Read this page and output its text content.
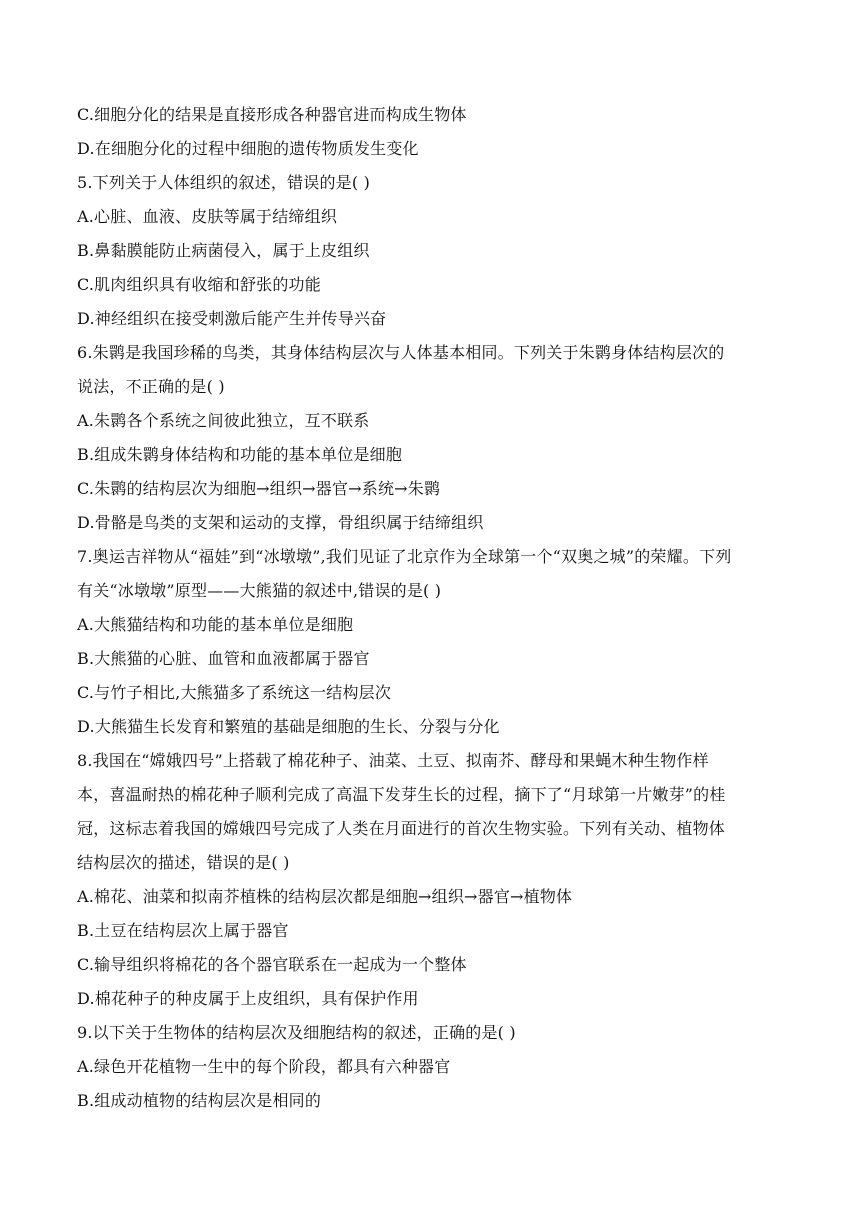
C.细胞分化的结果是直接形成各种器官进而构成生物体
D.在细胞分化的过程中细胞的遗传物质发生变化
5.下列关于人体组织的叙述，错误的是( )
A.心脏、血液、皮肤等属于结缔组织
B.鼻黏膜能防止病菌侵入，属于上皮组织
C.肌肉组织具有收缩和舒张的功能
D.神经组织在接受刺激后能产生并传导兴奋
6.朱鹮是我国珍稀的鸟类，其身体结构层次与人体基本相同。下列关于朱鹮身体结构层次的
说法，不正确的是( )
A.朱鹮各个系统之间彼此独立，互不联系
B.组成朱鹮身体结构和功能的基本单位是细胞
C.朱鹮的结构层次为细胞→组织→器官→系统→朱鹮
D.骨骼是鸟类的支架和运动的支撑，骨组织属于结缔组织
7.奥运吉祥物从“福娃”到“冰墩墩”,我们见证了北京作为全球第一个“双奥之城”的荣耀。下列
有关“冰墩墩”原型——大熊猫的叙述中,错误的是( )
A.大熊猫结构和功能的基本单位是细胞
B.大熊猫的心脏、血管和血液都属于器官
C.与竹子相比,大熊猫多了系统这一结构层次
D.大熊猫生长发育和繁殖的基础是细胞的生长、分裂与分化
8.我国在“嫦娥四号”上搭载了棉花种子、油菜、土豆、拟南芥、酵母和果蝇木种生物作样
本，喜温耐热的棉花种子顺利完成了高温下发芽生长的过程，摘下了“月球第一片嫩芽”的桂
冠，这标志着我国的嫦娥四号完成了人类在月面进行的首次生物实验。下列有关动、植物体
结构层次的描述，错误的是( )
A.棉花、油菜和拟南芥植株的结构层次都是细胞→组织→器官→植物体
B.土豆在结构层次上属于器官
C.输导组织将棉花的各个器官联系在一起成为一个整体
D.棉花种子的种皮属于上皮组织，具有保护作用
9.以下关于生物体的结构层次及细胞结构的叙述，正确的是( )
A.绿色开花植物一生中的每个阶段，都具有六种器官
B.组成动植物的结构层次是相同的
